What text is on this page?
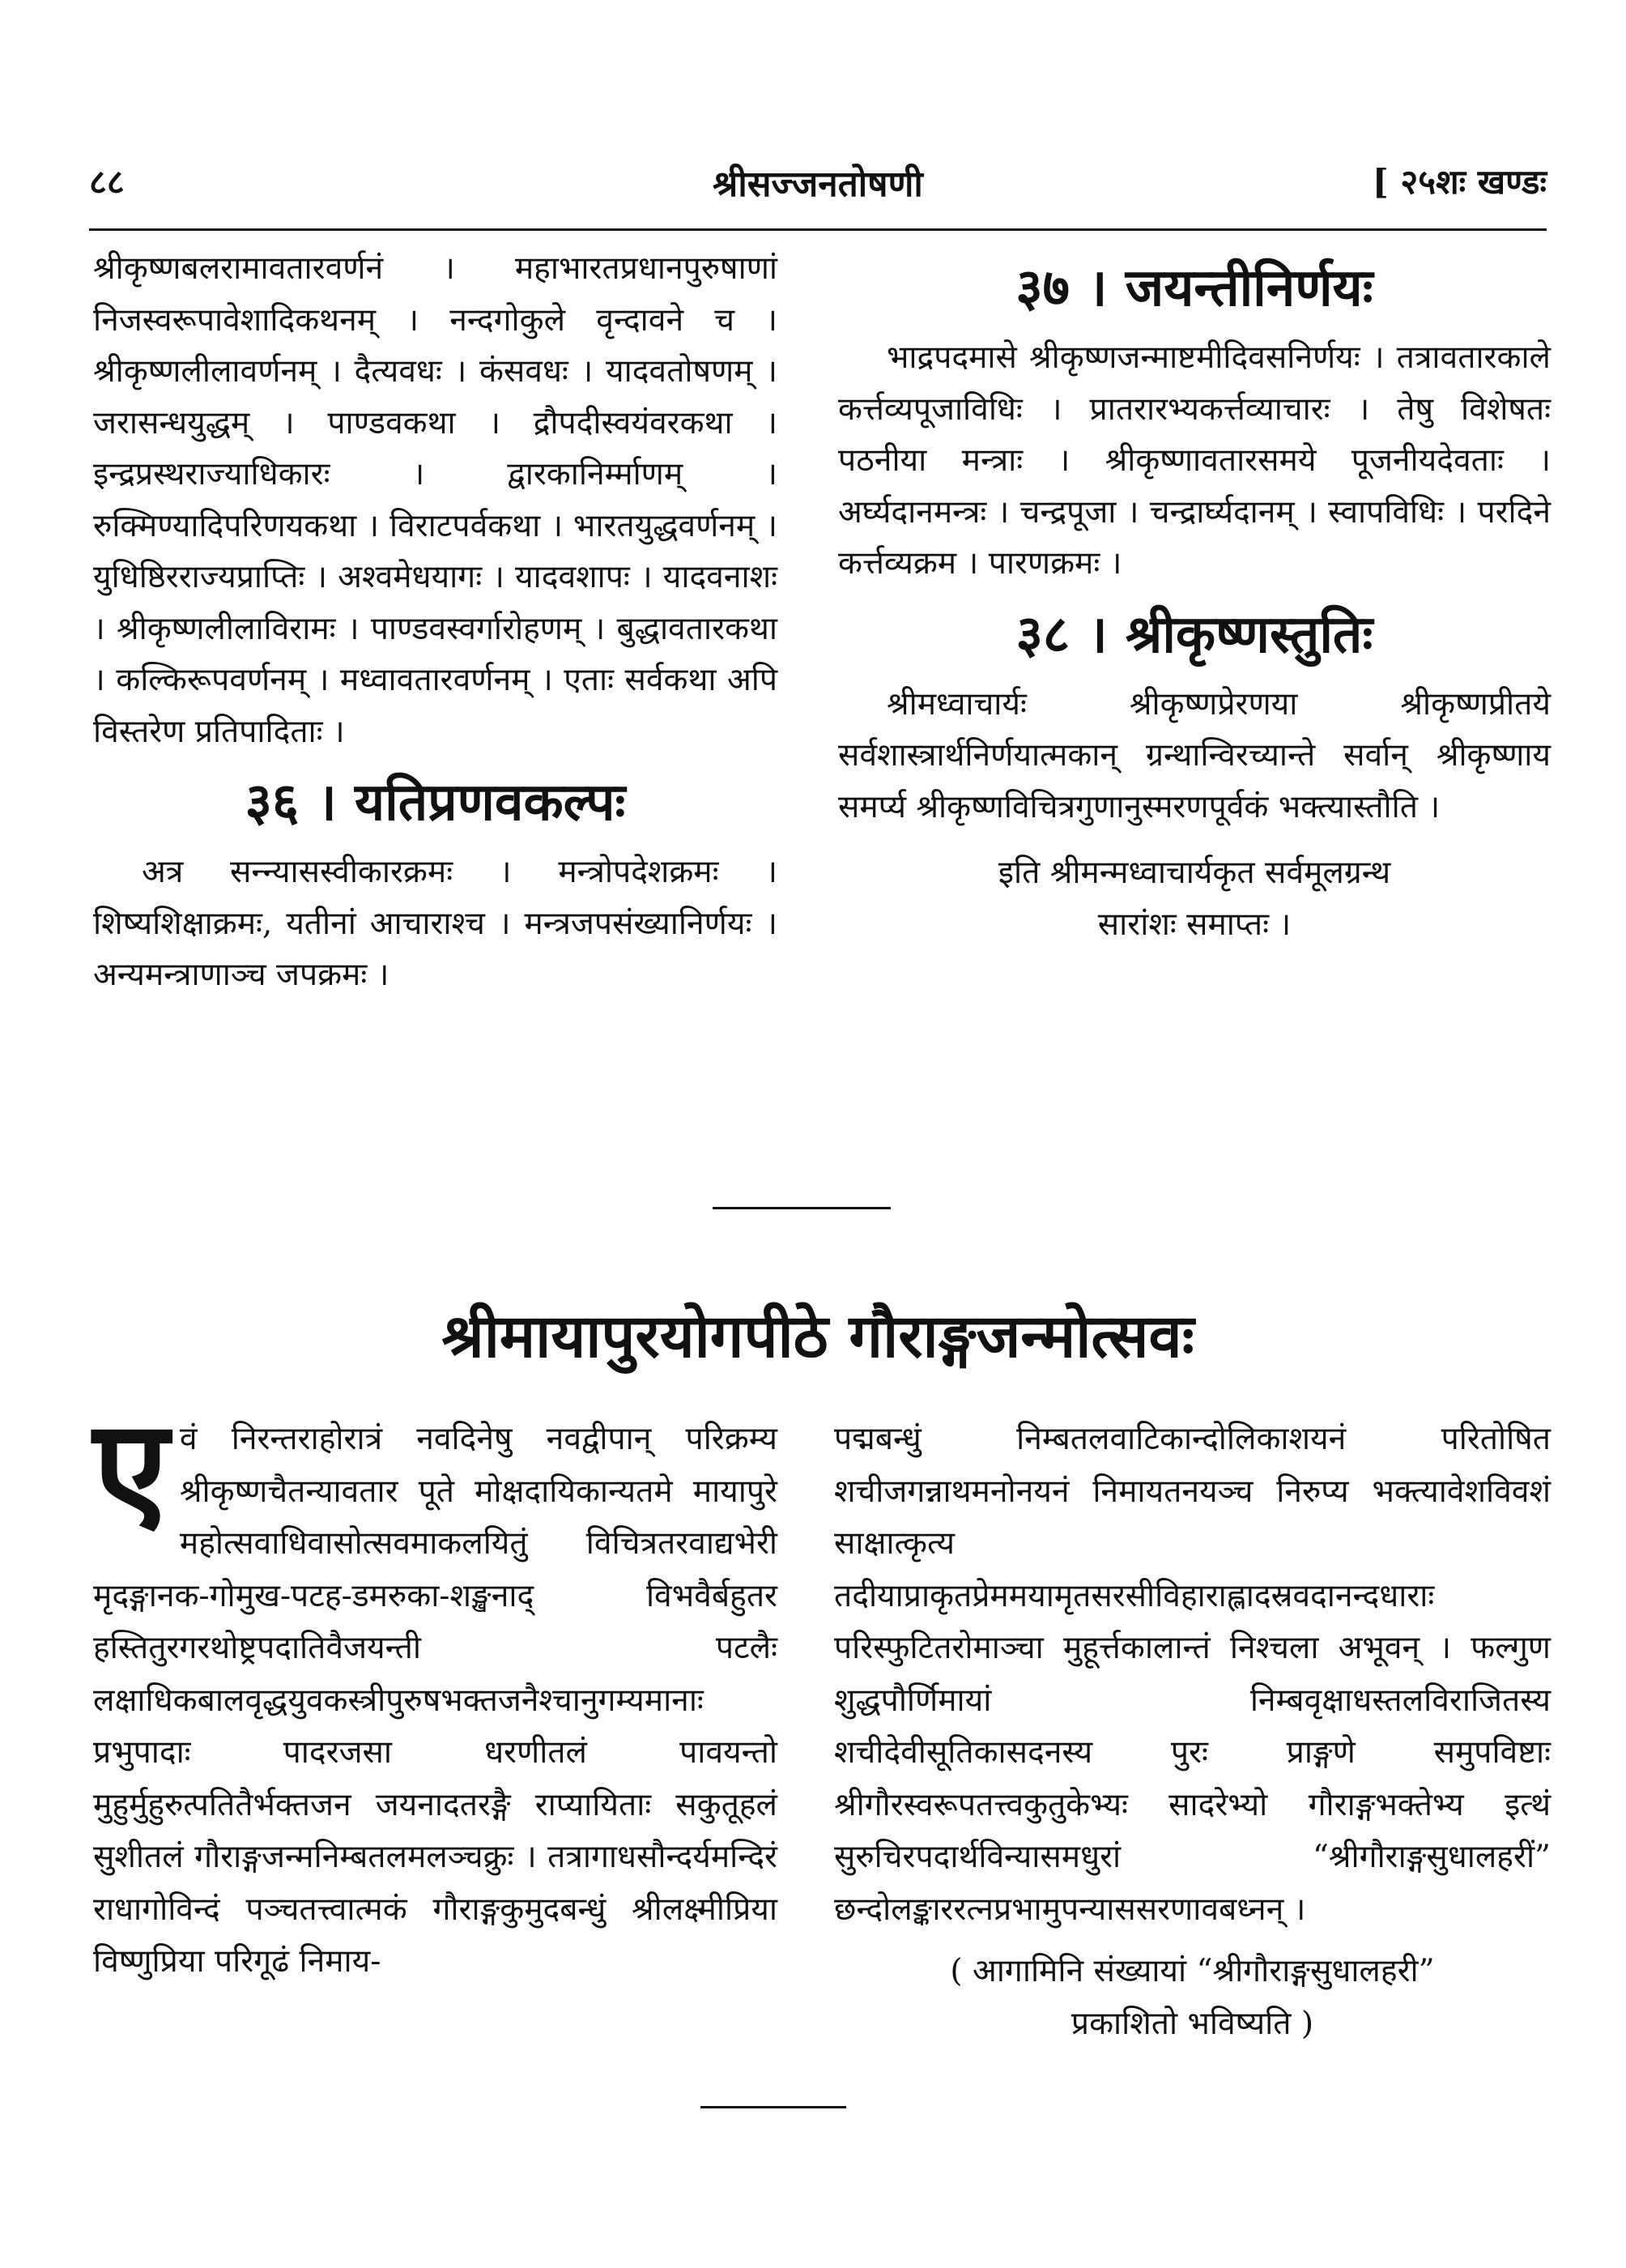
८८	श्रीसज्जनतोषणी	[ २५शः खण्डः

श्रीकृष्णबलरामावतारवर्णनं । महाभारतप्रधानपुरुषाणां निजस्वरूपावेशादिकथनम् । नन्दगोकुले वृन्दावने च । श्रीकृष्णलीलावर्णनम् । दैत्यवधः । कंसवधः । यादवतोषणम् । जरासन्धयुद्धम् । पाण्डवकथा । द्रौपदीस्वयंवरकथा । इन्द्रप्रस्थराज्याधिकारः । द्वारकानिर्म्माणम् । रुक्मिण्यादिपरिणयकथा । विराटपर्वकथा । भारतयुद्धवर्णनम् । युधिष्ठिरराज्यप्राप्तिः । अश्वमेधयागः । यादवशापः । यादवनाशः । श्रीकृष्णलीलाविरामः । पाण्डवस्वर्गारोहणम् । बुद्धावतारकथा । कल्किरूपवर्णनम् । मध्वावतारवर्णनम् । एताः सर्वकथा अपि विस्तरेण प्रतिपादिताः ।

३६ । यतिप्रणवकल्पः

अत्र सन्न्यासस्वीकारक्रमः । मन्त्रोपदेशक्रमः । शिष्यशिक्षाक्रमः, यतीनां आचाराश्च । मन्त्रजपसंख्यानिर्णयः । अन्यमन्त्राणाञ्च जपक्रमः ।

३७ । जयन्तीनिर्णयः

भाद्रपदमासे श्रीकृष्णजन्माष्टमीदिवसनिर्णयः । तत्रावतारकाले कर्त्तव्यपूजाविधिः । प्रातरारभ्यकर्त्तव्याचारः । तेषु विशेषतः पठनीया मन्त्राः । श्रीकृष्णावतारसमये पूजनीयदेवताः । अर्घ्यदानमन्त्रः । चन्द्रपूजा । चन्द्रार्घ्यदानम् । स्वापविधिः । परदिने कर्त्तव्यक्रम । पारणक्रमः ।

३८ । श्रीकृष्णस्तुतिः

श्रीमध्वाचार्यः श्रीकृष्णप्रेरणया श्रीकृष्णप्रीतये सर्वशास्त्रार्थनिर्णयात्मकान् ग्रन्थान्विरच्यान्ते सर्वान् श्रीकृष्णाय समर्प्य श्रीकृष्णविचित्रगुणानुस्मरणपूर्वकं भक्त्यास्तौति ।

इति श्रीमन्मध्वाचार्यकृत सर्वमूलग्रन्थ
सारांशः समाप्तः ।

श्रीमायापुरयोगपीठे गौराङ्गजन्मोत्सवः
ए वं निरन्तराहोरात्रं नवदिनेषु नवद्वीपान् परिक्रम्य श्रीकृष्णचैतन्यावतार पूते मोक्षदायिकान्यतमे मायापुरे महोत्सवाधिवासोत्सवमाकलयितुं विचित्रतरवाद्यभेरी मृदङ्गानक-गोमुख-पटह-डमरुका-शङ्खनाद् विभवैर्बहुतर हस्तितुरगरथोष्ट्रपदातिवैजयन्ती पटलैः लक्षाधिकबालवृद्धयुवकस्त्रीपुरुषभक्तजनैश्चानुगम्यमानाः प्रभुपादाः पादरजसा धरणीतलं पावयन्तो मुहुर्मुहुरुत्पतितैर्भक्तजन जयनादतरङ्गै राप्यायिताः सकुतूहलं सुशीतलं गौराङ्गजन्मनिम्बतलमलञ्चक्रुः । तत्रागाधसौन्दर्यमन्दिरं राधागोविन्दं पञ्चतत्त्वात्मकं गौराङ्गकुमुदबन्धुं श्रीलक्ष्मीप्रिया विष्णुप्रिया परिगूढं निमाय-

पद्मबन्धुं निम्बतलवाटिकान्दोलिकाशयनं परितोषित शचीजगन्नाथमनोनयनं निमायतनयञ्च निरुप्य भक्त्यावेशविवशं साक्षात्कृत्य तदीयाप्राकृतप्रेममयामृतसरसीविहाराह्लादस्रवदानन्दधाराः परिस्फुटितरोमाञ्चा मुहूर्त्तकालान्तं निश्चला अभूवन् । फल्गुण शुद्धपौर्णिमायां निम्बवृक्षाधस्तलविराजितस्य शचीदेवीसूतिकासदनस्य पुरः प्राङ्गणे समुपविष्टाः श्रीगौरस्वरूपतत्त्वकुतुकेभ्यः सादरेभ्यो गौराङ्गभक्तेभ्य इत्थं सुरुचिरपदार्थविन्यासमधुरां “श्रीगौराङ्गसुधालहरीं” छन्दोलङ्काररत्नप्रभामुपन्याससरणावबध्नन् ।

( आगामिनि संख्यायां “श्रीगौराङ्गसुधालहरी”
प्रकाशितो भविष्यति )
